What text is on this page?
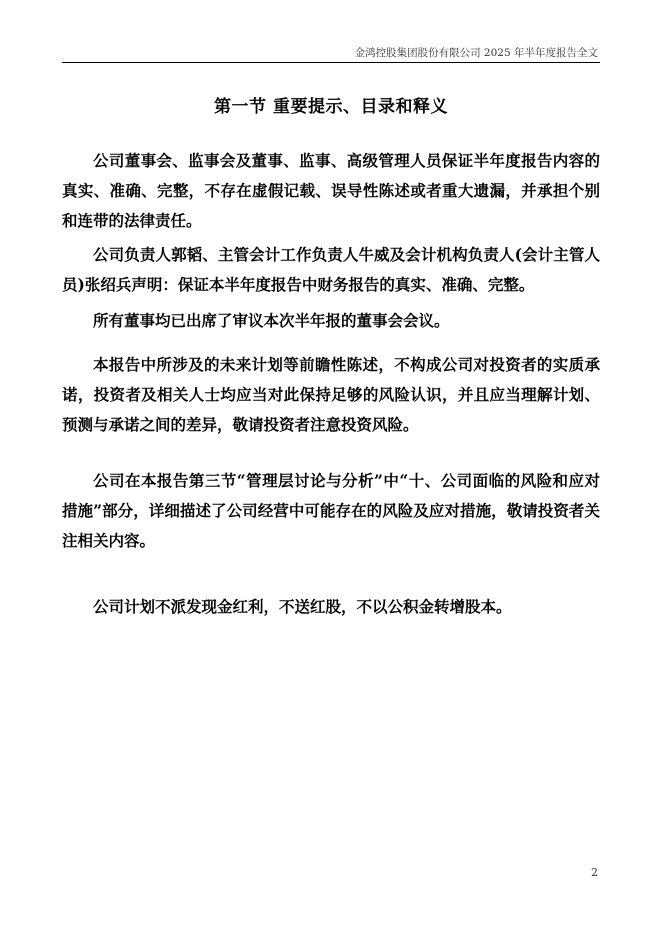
金鸿控股集团股份有限公司 2025 年半年度报告全文

第一节 重要提示、目录和释义

公司董事会、监事会及董事、监事、高级管理人员保证半年度报告内容的真实、准确、完整，不存在虚假记载、误导性陈述或者重大遗漏，并承担个别和连带的法律责任。

公司负责人郭韬、主管会计工作负责人牛威及会计机构负责人(会计主管人员)张绍兵声明：保证本半年度报告中财务报告的真实、准确、完整。

所有董事均已出席了审议本次半年报的董事会会议。

本报告中所涉及的未来计划等前瞻性陈述，不构成公司对投资者的实质承诺，投资者及相关人士均应当对此保持足够的风险认识，并且应当理解计划、预测与承诺之间的差异，敬请投资者注意投资风险。

公司在本报告第三节“管理层讨论与分析”中“十、公司面临的风险和应对措施”部分，详细描述了公司经营中可能存在的风险及应对措施，敬请投资者关注相关内容。

公司计划不派发现金红利，不送红股，不以公积金转增股本。

2
